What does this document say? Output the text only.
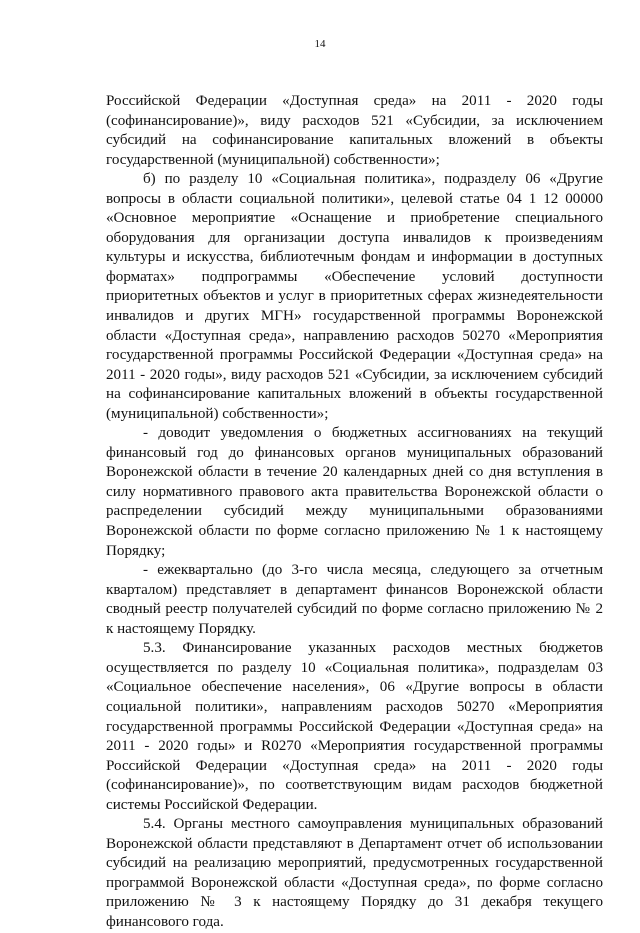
14

Российской Федерации «Доступная среда» на 2011 - 2020 годы (софинансирование)», виду расходов 521 «Субсидии, за исключением субсидий на софинансирование капитальных вложений в объекты государственной (муниципальной) собственности»;

б) по разделу 10 «Социальная политика», подразделу 06 «Другие вопросы в области социальной политики», целевой статье 04 1 12 00000 «Основное мероприятие «Оснащение и приобретение специального оборудования для организации доступа инвалидов к произведениям культуры и искусства, библиотечным фондам и информации в доступных форматах» подпрограммы «Обеспечение условий доступности приоритетных объектов и услуг в приоритетных сферах жизнедеятельности инвалидов и других МГН» государственной программы Воронежской области «Доступная среда», направлению расходов 50270 «Мероприятия государственной программы Российской Федерации «Доступная среда» на 2011 - 2020 годы», виду расходов 521 «Субсидии, за исключением субсидий на софинансирование капитальных вложений в объекты государственной (муниципальной) собственности»;

- доводит уведомления о бюджетных ассигнованиях на текущий финансовый год до финансовых органов муниципальных образований Воронежской области в течение 20 календарных дней со дня вступления в силу нормативного правового акта правительства Воронежской области о распределении субсидий между муниципальными образованиями Воронежской области по форме согласно приложению № 1 к настоящему Порядку;

- ежеквартально (до 3-го числа месяца, следующего за отчетным кварталом) представляет в департамент финансов Воронежской области сводный реестр получателей субсидий по форме согласно приложению № 2 к настоящему Порядку.

5.3. Финансирование указанных расходов местных бюджетов осуществляется по разделу 10 «Социальная политика», подразделам 03 «Социальное обеспечение населения», 06 «Другие вопросы в области социальной политики», направлениям расходов 50270 «Мероприятия государственной программы Российской Федерации «Доступная среда» на 2011 - 2020 годы» и R0270 «Мероприятия государственной программы Российской Федерации «Доступная среда» на 2011 - 2020 годы (софинансирование)», по соответствующим видам расходов бюджетной системы Российской Федерации.

5.4. Органы местного самоуправления муниципальных образований Воронежской области представляют в Департамент отчет об использовании субсидий на реализацию мероприятий, предусмотренных государственной программой Воронежской области «Доступная среда», по форме согласно приложению № 3 к настоящему Порядку до 31 декабря текущего финансового года.
